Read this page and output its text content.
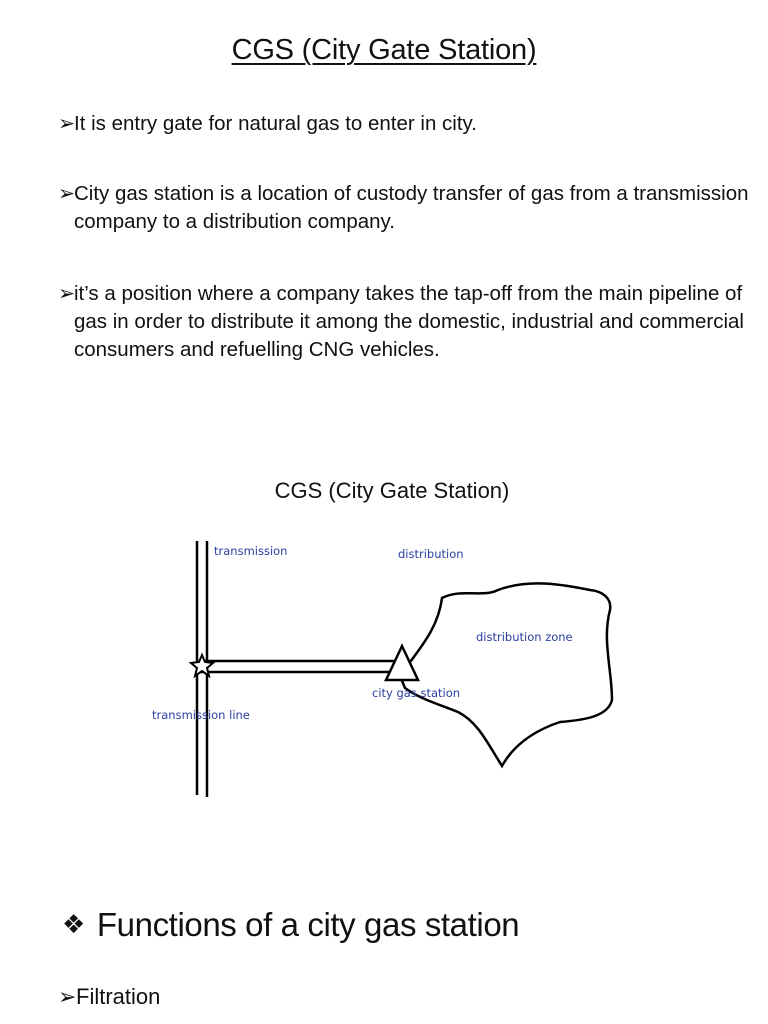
CGS (City Gate Station)
➢It is entry gate for natural gas to enter in city.
➢City gas station is a location of custody transfer of gas from a transmission company to a distribution company.
➢it’s a position where a company takes the tap-off from the main pipeline of gas in order to distribute it among the domestic, industrial and commercial consumers and refuelling CNG vehicles.
CGS (City Gate Station)
transmission	distribution
distribution zone
city gas station
transmission line
❖ Functions of a city gas station
➢Filtration
